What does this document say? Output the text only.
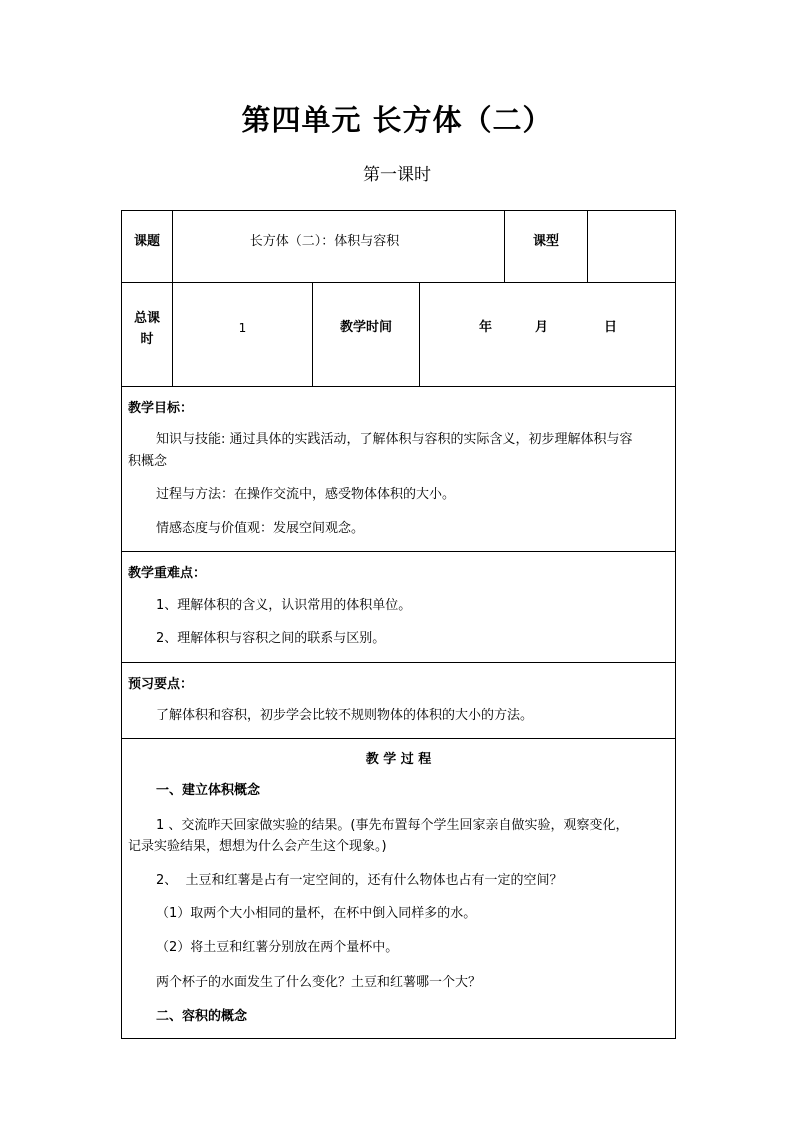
第四单元 长方体（二）
第一课时
课题	长方体（二）：体积与容积	课型
总课
时
1	教学时间	年	月	日
教学目标：
知识与技能: 通过具体的实践活动，了解体积与容积的实际含义，初步理解体积与容
积概念
过程与方法：在操作交流中，感受物体体积的大小。
情感态度与价值观：发展空间观念。
教学重难点：
1、理解体积的含义，认识常用的体积单位。
2、理解体积与容积之间的联系与区别。
预习要点：
了解体积和容积，初步学会比较不规则物体的体积的大小的方法。
教 学 过 程
一、建立体积概念
1 、交流昨天回家做实验的结果。(事先布置每个学生回家亲自做实验，观察变化，
记录实验结果，想想为什么会产生这个现象。)
2、  土豆和红薯是占有一定空间的，还有什么物体也占有一定的空间？
（1）取两个大小相同的量杯，在杯中倒入同样多的水。
（2）将土豆和红薯分别放在两个量杯中。
两个杯子的水面发生了什么变化？土豆和红薯哪一个大？
二、容积的概念
